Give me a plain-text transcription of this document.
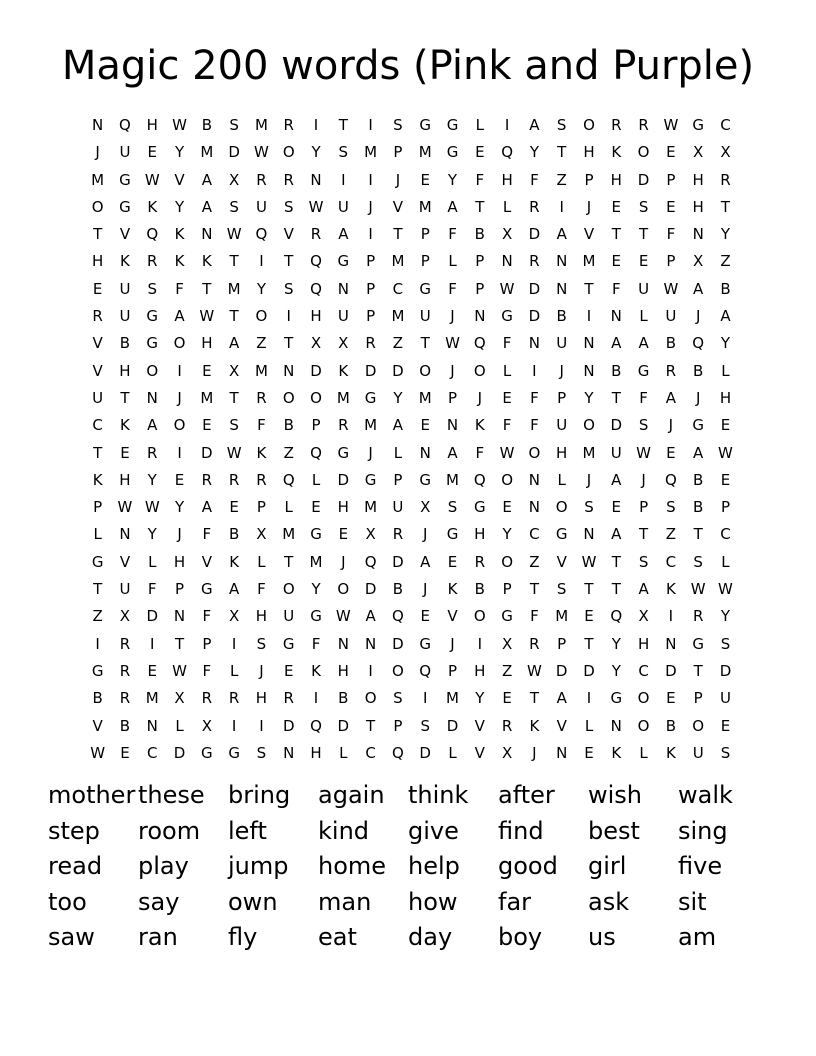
Magic 200 words (Pink and Purple)
N	Q	H W B	S	M	R	I	T	I	S	G	G	L	I	A	S	O	R	R W G	C
J	U	E	Y	M	D W O	Y	S	M	P	M	G	E	Q	Y	T	H	K	O	E	X	X
M	G W V	A	X	R	R	N	I	I	J	E	Y	F	H	F	Z	P	H	D	P	H	R
O	G	K	Y	A	S	U	S	W U	J	V	M	A	T	L	R	I	J	E	S	E	H	T
T	V	Q	K	N W Q	V	R	A	I	T	P	F	B	X	D	A	V	T	T	F	N	Y
H	K	R	K	K	T	I	T	Q	G	P	M	P	L	P	N	R	N	M	E	E	P	X	Z
E	U	S	F	T	M	Y	S	Q	N	P	C	G	F	P	W D	N	T	F	U W A	B
R	U	G	A W	T	O	I	H	U	P	M	U	J	N	G	D	B	I	N	L	U	J	A
V	B	G	O	H	A	Z	T	X	X	R	Z	T	W Q	F	N	U	N	A	A	B	Q	Y
V	H	O	I	E	X	M	N	D	K	D	D	O	J	O	L	I	J	N	B	G	R	B	L
U	T	N	J	M	T	R	O	O M	G	Y	M	P	J	E	F	P	Y	T	F	A	J	H
C	K	A	O	E	S	F	B	P	R	M	A	E	N	K	F	F	U	O	D	S	J	G	E
T	E	R	I	D W K	Z	Q	G	J	L	N	A	F	W O	H	M	U W	E	A W
K	H	Y	E	R	R	R	Q	L	D	G	P	G	M Q	O	N	L	J	A	J	Q	B	E
P	W W	Y	A	E	P	L	E	H	M	U	X	S	G	E	N	O	S	E	P	S	B	P
L	N	Y	J	F	B	X	M	G	E	X	R	J	G	H	Y	C	G	N	A	T	Z	T	C
G	V	L	H	V	K	L	T	M	J	Q	D	A	E	R	O	Z	V W	T	S	C	S	L
T	U	F	P	G	A	F	O	Y	O	D	B	J	K	B	P	T	S	T	T	A	K W W
Z	X	D	N	F	X	H	U	G W A	Q	E	V	O	G	F	M	E	Q	X	I	R	Y
I	R	I	T	P	I	S	G	F	N	N	D	G	J	I	X	R	P	T	Y	H	N	G	S
G	R	E	W	F	L	J	E	K	H	I	O	Q	P	H	Z W D	D	Y	C	D	T	D
B	R	M	X	R	R	H	R	I	B	O	S	I	M	Y	E	T	A	I	G	O	E	P	U
V	B	N	L	X	I	I	D	Q	D	T	P	S	D	V	R	K	V	L	N	O	B	O	E
W	E	C	D	G	G	S	N	H	L	C	Q	D	L	V	X	J	N	E	K	L	K	U	S
mother these bring	again think	after	wish	walk
step	room	left	kind	give	find	best	sing
read	play	jump	home help	good	girl	five
too	say	own	man	how	far	ask	sit
saw	ran	fly	eat	day	boy	us	am
